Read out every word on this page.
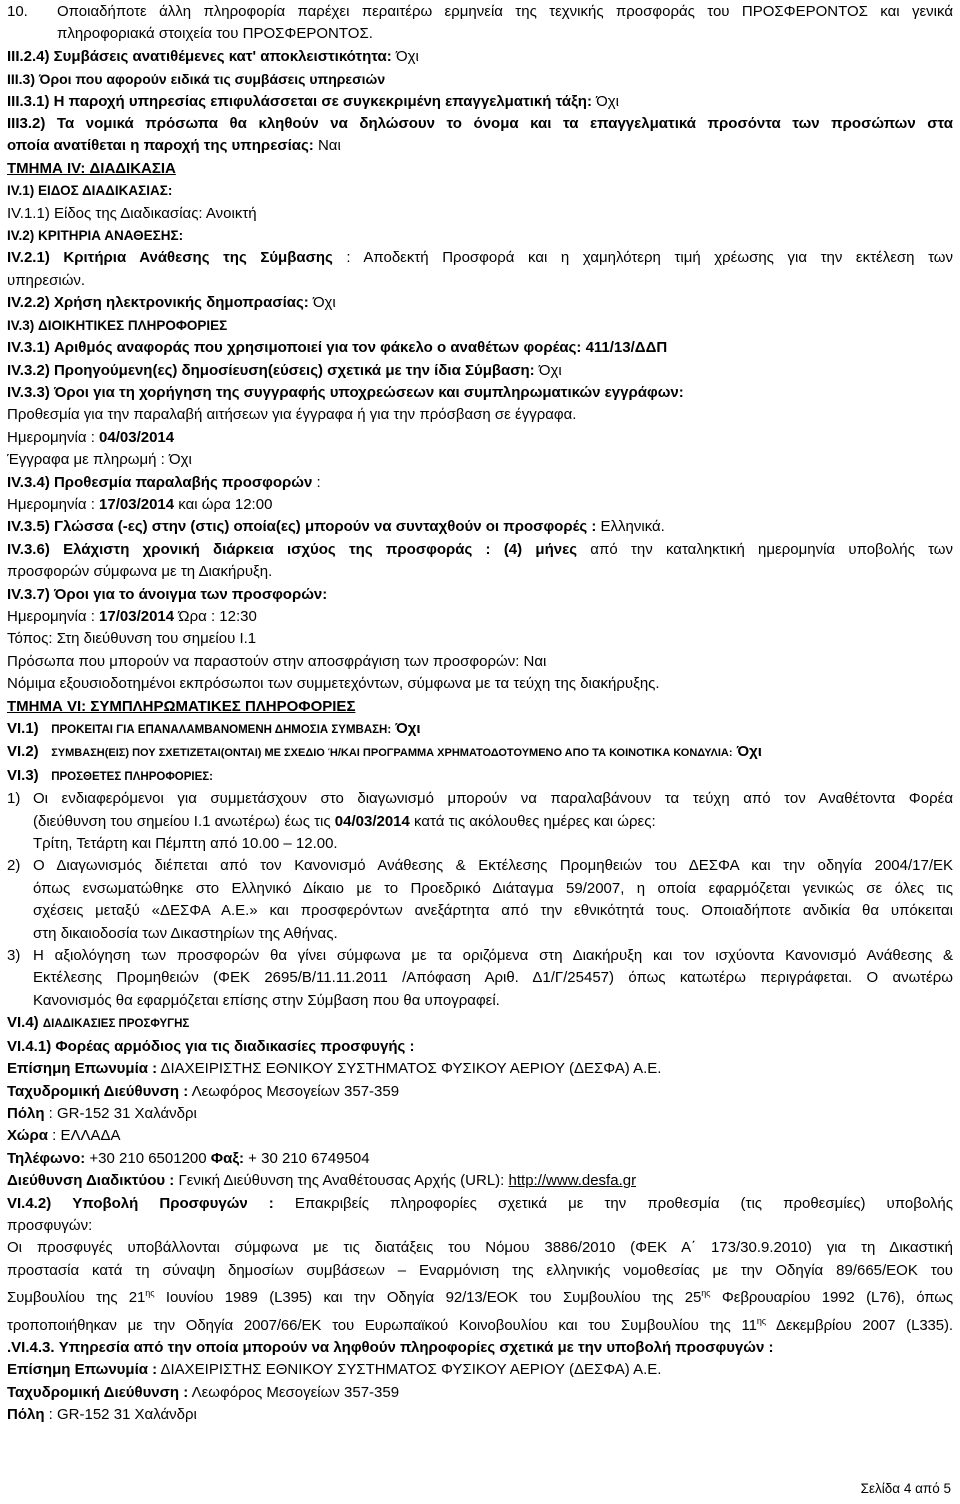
10.	Οποιαδήποτε άλλη πληροφορία παρέχει περαιτέρω ερμηνεία της τεχνικής προσφοράς του ΠΡΟΣΦΕΡΟΝΤΟΣ και γενικά
πληροφοριακά στοιχεία του ΠΡΟΣΦΕΡΟΝΤΟΣ.
ΙΙΙ.2.4) Συμβάσεις ανατιθέμενες κατ' αποκλειστικότητα: Όχι
ΙΙΙ.3) Όροι που αφορούν ειδικά τις συμβάσεις υπηρεσιών
ΙΙΙ.3.1) Η παροχή υπηρεσίας επιφυλάσσεται σε συγκεκριμένη επαγγελματική τάξη: Όχι
ΙΙΙ3.2) Τα νομικά πρόσωπα θα κληθούν να δηλώσουν το όνομα και τα επαγγελματικά προσόντα των προσώπων στα
οποία ανατίθεται η παροχή της υπηρεσίας: Ναι
ΤΜΗΜΑ IV: ΔΙΑΔΙΚΑΣΙΑ
IV.1) ΕΙΔΟΣ ΔΙΑΔΙΚΑΣΙΑΣ:
IV.1.1) Είδος της Διαδικασίας: Ανοικτή
IV.2) ΚΡΙΤΗΡΙΑ ΑΝΑΘΕΣΗΣ:
IV.2.1) Κριτήρια Ανάθεσης της Σύμβασης : Αποδεκτή Προσφορά και η χαμηλότερη τιμή χρέωσης για την εκτέλεση των
υπηρεσιών.
IV.2.2) Χρήση ηλεκτρονικής δημοπρασίας: Όχι
IV.3) ΔΙΟΙΚΗΤΙΚΕΣ ΠΛΗΡΟΦΟΡΙΕΣ
IV.3.1) Αριθμός αναφοράς που χρησιμοποιεί για τον φάκελο ο αναθέτων φορέας: 411/13/ΔΔΠ
IV.3.2) Προηγούμενη(ες) δημοσίευση(εύσεις) σχετικά με την ίδια Σύμβαση: Όχι
IV.3.3) Όροι για τη χορήγηση της συγγραφής υποχρεώσεων και συμπληρωματικών εγγράφων:
Προθεσμία για την παραλαβή αιτήσεων για έγγραφα ή για την πρόσβαση σε έγγραφα.
Ημερομηνία : 04/03/2014
Έγγραφα με πληρωμή : Όχι
IV.3.4) Προθεσμία παραλαβής προσφορών :
Ημερομηνία : 17/03/2014 και ώρα 12:00
IV.3.5) Γλώσσα (-ες) στην (στις) οποία(ες) μπορούν να συνταχθούν οι προσφορές : Ελληνικά.
IV.3.6) Ελάχιστη χρονική διάρκεια ισχύος της προσφοράς : (4) μήνες από την καταληκτική ημερομηνία υποβολής των
προσφορών σύμφωνα με τη Διακήρυξη.
IV.3.7) Όροι για το άνοιγμα των προσφορών:
Ημερομηνία : 17/03/2014 Ώρα : 12:30
Τόπος: Στη διεύθυνση του σημείου Ι.1
Πρόσωπα που μπορούν να παραστούν στην αποσφράγιση των προσφορών: Ναι
Νόμιμα εξουσιοδοτημένοι εκπρόσωποι των συμμετεχόντων, σύμφωνα με τα τεύχη της διακήρυξης.
ΤΜΗΜΑ VI: ΣΥΜΠΛΗΡΩΜΑΤΙΚΕΣ ΠΛΗΡΟΦΟΡΙΕΣ
VI.1) ΠΡΟΚΕΙΤΑΙ ΓΙΑ ΕΠΑΝΑΛΑΜΒΑΝΟΜΕΝΗ ΔΗΜΟΣΙΑ ΣΥΜΒΑΣΗ: Όχι
VI.2) ΣΥΜΒΑΣΗ(ΕΙΣ) ΠΟΥ ΣΧΕΤΙΖΕΤΑΙ(ΟΝΤΑΙ) ΜΕ ΣΧΕΔΙΟ Ή/ΚΑΙ ΠΡΟΓΡΑΜΜΑ ΧΡΗΜΑΤΟΔΟΤΟΥΜΕΝΟ ΑΠΟ ΤΑ ΚΟΙΝΟΤΙΚΑ ΚΟΝΔΥΛΙΑ: Όχι
VI.3) ΠΡΟΣΘΕΤΕΣ ΠΛΗΡΟΦΟΡΙΕΣ:
1) Οι ενδιαφερόμενοι για συμμετάσχουν στο διαγωνισμό μπορούν να παραλαβάνουν τα τεύχη από τον Αναθέτοντα Φορέα
(διεύθυνση του σημείου Ι.1 ανωτέρω) έως τις 04/03/2014 κατά τις ακόλουθες ημέρες και ώρες:
Τρίτη, Τετάρτη και Πέμπτη από 10.00 – 12.00.
2) Ο Διαγωνισμός διέπεται από τον Κανονισμό Ανάθεσης & Εκτέλεσης Προμηθειών του ΔΕΣΦΑ και την οδηγία 2004/17/ΕΚ
όπως ενσωματώθηκε στο Ελληνικό Δίκαιο με το Προεδρικό Διάταγμα 59/2007, η οποία εφαρμόζεται γενικώς σε όλες τις
σχέσεις μεταξύ «ΔΕΣΦΑ Α.Ε.» και προσφερόντων ανεξάρτητα από την εθνικότητά τους. Οποιαδήποτε ανδικία θα υπόκειται
στη δικαιοδοσία των Δικαστηρίων της Αθήνας.
3) Η αξιολόγηση των προσφορών θα γίνει σύμφωνα με τα οριζόμενα στη Διακήρυξη και τον ισχύοντα Κανονισμό Ανάθεσης &
Εκτέλεσης Προμηθειών (ΦΕΚ 2695/Β/11.11.2011 /Απόφαση Αριθ. Δ1/Γ/25457) όπως κατωτέρω περιγράφεται. Ο ανωτέρω
Κανονισμός θα εφαρμόζεται επίσης στην Σύμβαση που θα υπογραφεί.
VI.4) ΔΙΑΔΙΚΑΣΙΕΣ ΠΡΟΣΦΥΓΗΣ
VI.4.1) Φορέας αρμόδιος για τις διαδικασίες προσφυγής :
Επίσημη Επωνυμία : ΔΙΑΧΕΙΡΙΣΤΗΣ ΕΘΝΙΚΟΥ ΣΥΣΤΗΜΑΤΟΣ ΦΥΣΙΚΟΥ ΑΕΡΙΟΥ (ΔΕΣΦΑ) Α.Ε.
Ταχυδρομική Διεύθυνση : Λεωφόρος Μεσογείων 357-359
Πόλη : GR-152 31 Χαλάνδρι
Χώρα : ΕΛΛΑΔΑ
Τηλέφωνο: +30 210 6501200 Φαξ: + 30 210 6749504
Διεύθυνση Διαδικτύου : Γενική Διεύθυνση της Αναθέτουσας Αρχής (URL): http://www.desfa.gr
VI.4.2) Υποβολή Προσφυγών : Επακριβείς πληροφορίες σχετικά με την προθεσμία (τις προθεσμίες) υποβολής
προσφυγών:
Οι προσφυγές υποβάλλονται σύμφωνα με τις διατάξεις του Νόμου 3886/2010 (ΦΕΚ Α΄ 173/30.9.2010) για τη Δικαστική
προστασία κατά τη σύναψη δημοσίων συμβάσεων – Εναρμόνιση της ελληνικής νομοθεσίας με την Οδηγία 89/665/ΕΟΚ του
Συμβουλίου της $21^{\eta\varsigma}$ Ιουνίου 1989 (L395) και την Οδηγία 92/13/ΕΟΚ του Συμβουλίου της $25^{\eta\varsigma}$ Φεβρουαρίου 1992 (L76), όπως
τροποποιήθηκαν με την Οδηγία 2007/66/ΕΚ του Ευρωπαϊκού Κοινοβουλίου και του Συμβουλίου της $11^{\eta\varsigma}$ Δεκεμβρίου 2007 (L335).
.VI.4.3. Υπηρεσία από την οποία μπορούν να ληφθούν πληροφορίες σχετικά με την υποβολή προσφυγών :
Επίσημη Επωνυμία : ΔΙΑΧΕΙΡΙΣΤΗΣ ΕΘΝΙΚΟΥ ΣΥΣΤΗΜΑΤΟΣ ΦΥΣΙΚΟΥ ΑΕΡΙΟΥ (ΔΕΣΦΑ) Α.Ε.
Ταχυδρομική Διεύθυνση : Λεωφόρος Μεσογείων 357-359
Πόλη : GR-152 31 Χαλάνδρι
Σελίδα 4 από 5
